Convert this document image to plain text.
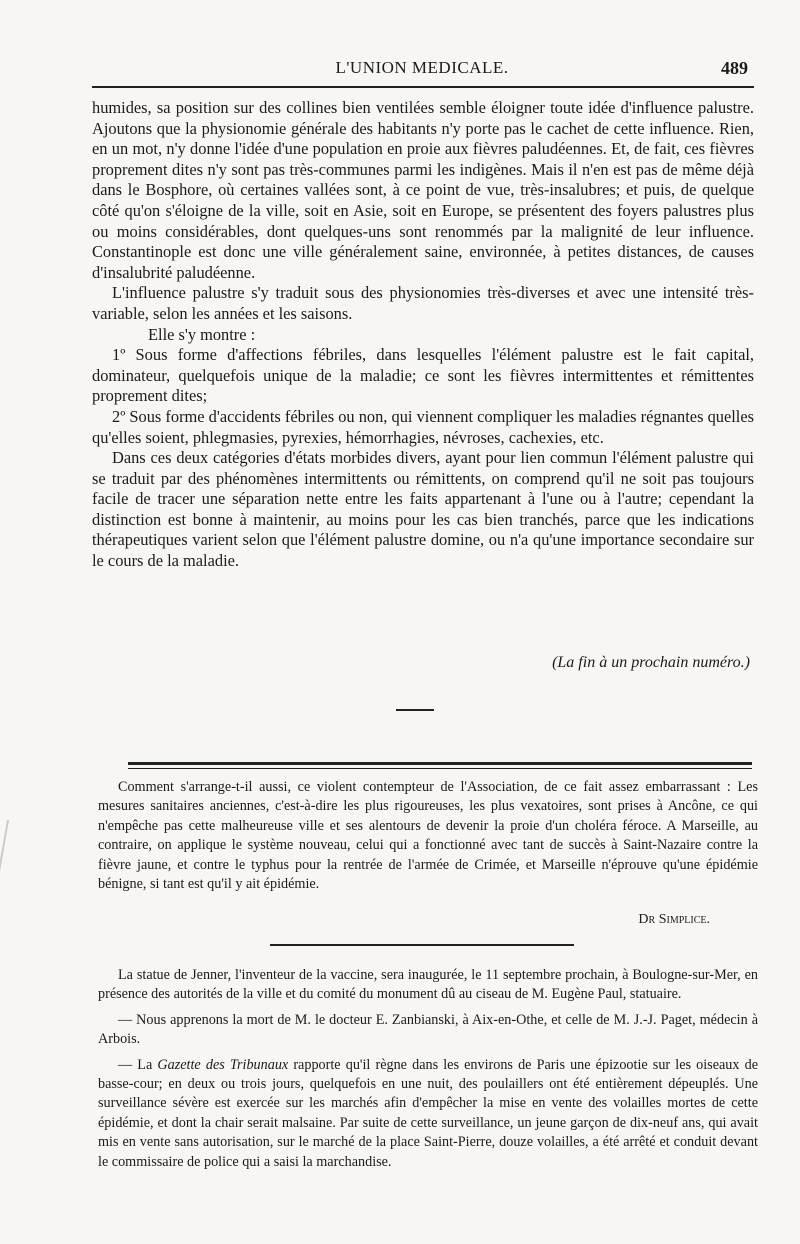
L'UNION MEDICALE.	489

humides, sa position sur des collines bien ventilées semble éloigner toute idée d'influence palustre. Ajoutons que la physionomie générale des habitants n'y porte pas le cachet de cette influence. Rien, en un mot, n'y donne l'idée d'une population en proie aux fièvres paludéennes. Et, de fait, ces fièvres proprement dites n'y sont pas très-communes parmi les indigènes. Mais il n'en est pas de même déjà dans le Bosphore, où certaines vallées sont, à ce point de vue, très-insalubres; et puis, de quelque côté qu'on s'éloigne de la ville, soit en Asie, soit en Europe, se présentent des foyers palustres plus ou moins considérables, dont quelques-uns sont renommés par la malignité de leur influence. Constantinople est donc une ville généralement saine, environnée, à petites distances, de causes d'insalubrité paludéenne.

L'influence palustre s'y traduit sous des physionomies très-diverses et avec une intensité très-variable, selon les années et les saisons.

Elle s'y montre :

1º Sous forme d'affections fébriles, dans lesquelles l'élément palustre est le fait capital, dominateur, quelquefois unique de la maladie; ce sont les fièvres intermittentes et rémittentes proprement dites;

2º Sous forme d'accidents fébriles ou non, qui viennent compliquer les maladies régnantes quelles qu'elles soient, phlegmasies, pyrexies, hémorrhagies, névroses, cachexies, etc.

Dans ces deux catégories d'états morbides divers, ayant pour lien commun l'élément palustre qui se traduit par des phénomènes intermittents ou rémittents, on comprend qu'il ne soit pas toujours facile de tracer une séparation nette entre les faits appartenant à l'une ou à l'autre; cependant la distinction est bonne à maintenir, au moins pour les cas bien tranchés, parce que les indications thérapeutiques varient selon que l'élément palustre domine, ou n'a qu'une importance secondaire sur le cours de la maladie.

(La fin à un prochain numéro.)

Comment s'arrange-t-il aussi, ce violent contempteur de l'Association, de ce fait assez embarrassant : Les mesures sanitaires anciennes, c'est-à-dire les plus rigoureuses, les plus vexatoires, sont prises à Ancône, ce qui n'empêche pas cette malheureuse ville et ses alentours de devenir la proie d'un choléra féroce. A Marseille, au contraire, on applique le système nouveau, celui qui a fonctionné avec tant de succès à Saint-Nazaire contre la fièvre jaune, et contre le typhus pour la rentrée de l'armée de Crimée, et Marseille n'éprouve qu'une épidémie bénigne, si tant est qu'il y ait épidémie.

Dr Simplice.

La statue de Jenner, l'inventeur de la vaccine, sera inaugurée, le 11 septembre prochain, à Boulogne-sur-Mer, en présence des autorités de la ville et du comité du monument dû au ciseau de M. Eugène Paul, statuaire.

— Nous apprenons la mort de M. le docteur E. Zanbianski, à Aix-en-Othe, et celle de M. J.-J. Paget, médecin à Arbois.

— La Gazette des Tribunaux rapporte qu'il règne dans les environs de Paris une épizootie sur les oiseaux de basse-cour; en deux ou trois jours, quelquefois en une nuit, des poulaillers ont été entièrement dépeuplés. Une surveillance sévère est exercée sur les marchés afin d'empêcher la mise en vente des volailles mortes de cette épidémie, et dont la chair serait malsaine. Par suite de cette surveillance, un jeune garçon de dix-neuf ans, qui avait mis en vente sans autorisation, sur le marché de la place Saint-Pierre, douze volailles, a été arrêté et conduit devant le commissaire de police qui a saisi la marchandise.
